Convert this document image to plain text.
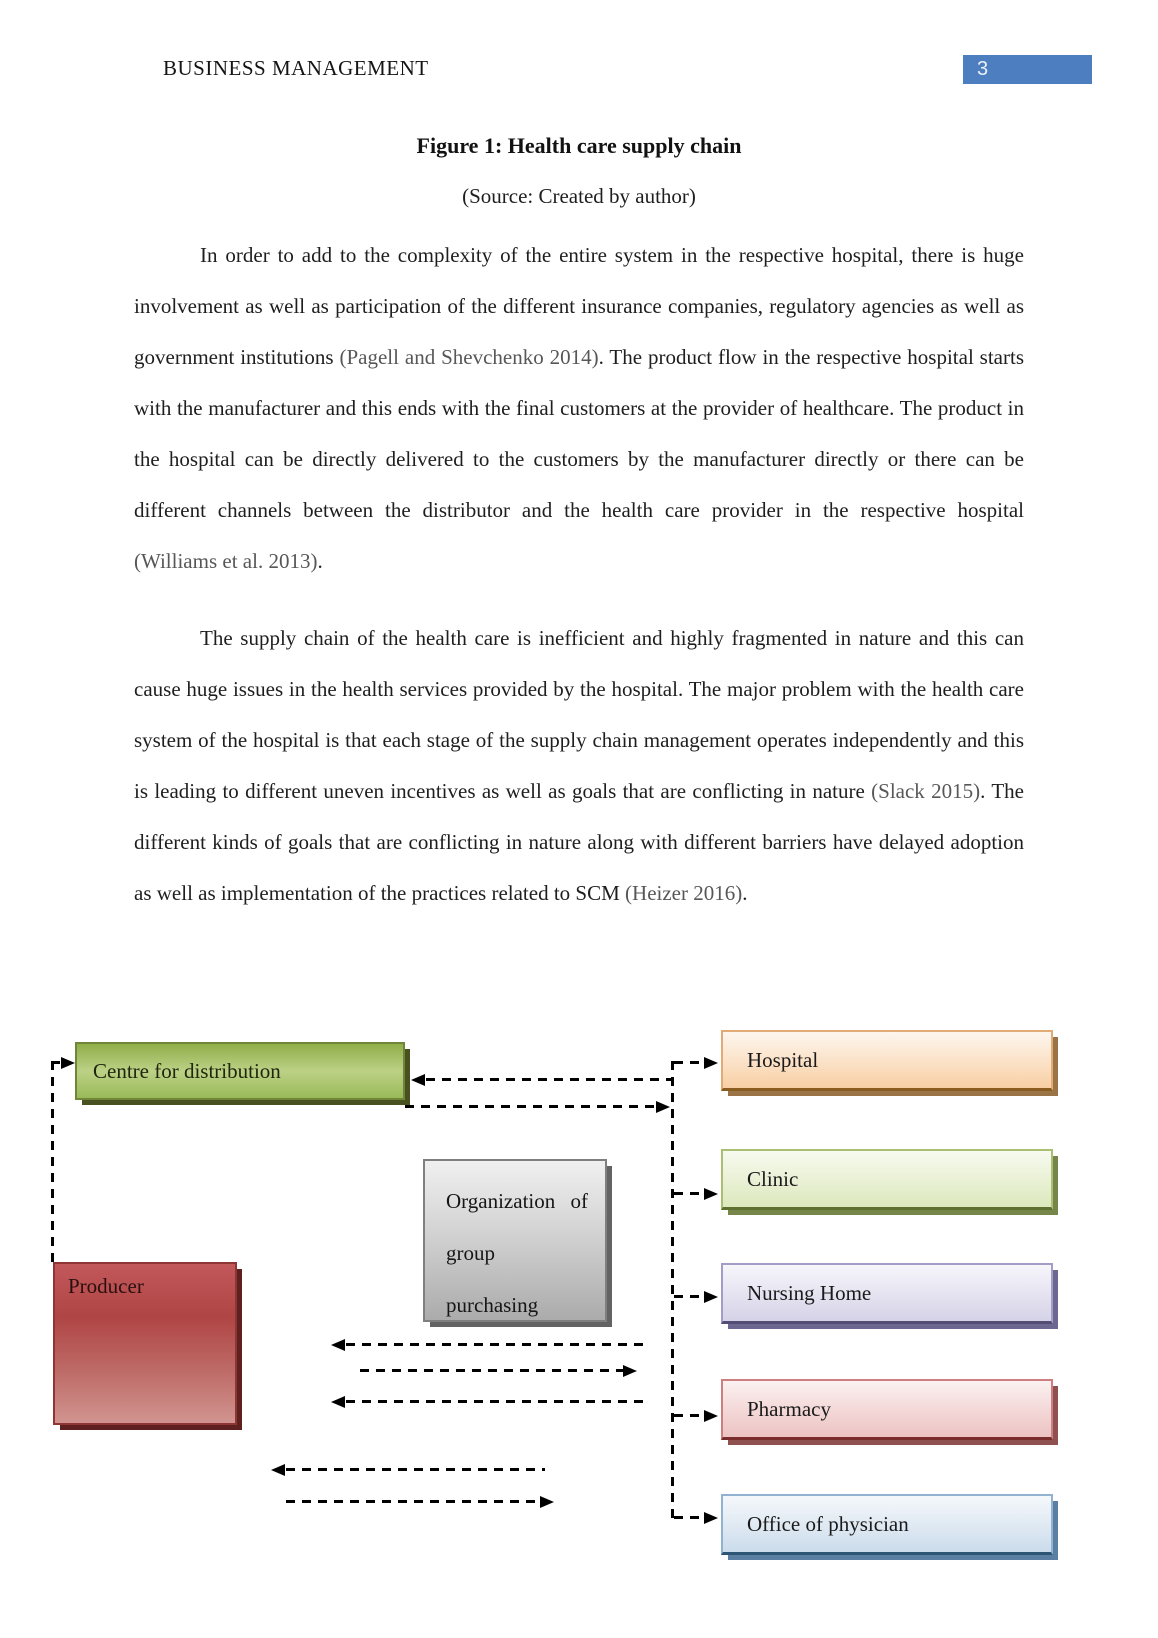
BUSINESS MANAGEMENT	3
Figure 1: Health care supply chain
(Source: Created by author)

In order to add to the complexity of the entire system in the respective hospital, there is huge involvement as well as participation of the different insurance companies, regulatory agencies as well as government institutions (Pagell and Shevchenko 2014). The product flow in the respective hospital starts with the manufacturer and this ends with the final customers at the provider of healthcare. The product in the hospital can be directly delivered to the customers by the manufacturer directly or there can be different channels between the distributor and the health care provider in the respective hospital (Williams et al. 2013).

The supply chain of the health care is inefficient and highly fragmented in nature and this can cause huge issues in the health services provided by the hospital. The major problem with the health care system of the hospital is that each stage of the supply chain management operates independently and this is leading to different uneven incentives as well as goals that are conflicting in nature (Slack 2015). The different kinds of goals that are conflicting in nature along with different barriers have delayed adoption as well as implementation of the practices related to SCM (Heizer 2016).

Centre for distribution
Producer
Organization of
group
purchasing
Hospital
Clinic
Nursing Home
Pharmacy
Office of physician
